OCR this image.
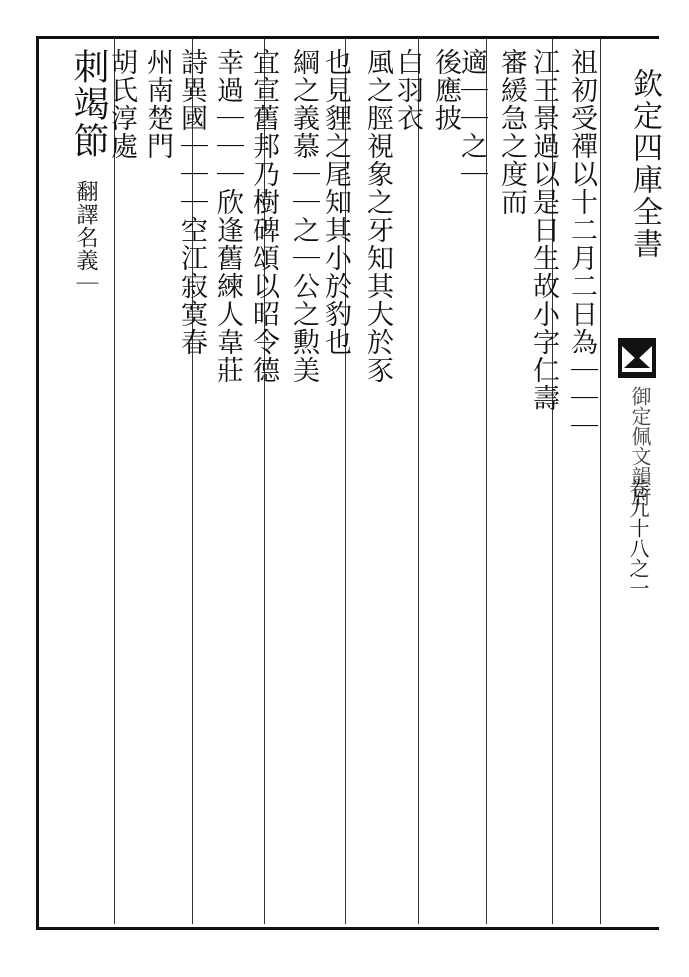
欽定四庫全書
御定佩文韻府
卷九十八之一
祖初受禪以十二月二日為｜｜｜
江王景過以是日生故小字仁壽
審緩急之度而
適｜｜之｜
後應披
白羽衣
風之脛視象之牙知其大於豕
也見貍之尾知其小於豹也
綱之義慕｜｜之｜公之勲美
宜宣舊邦乃樹碑頌以昭令德
幸過｜｜｜欣逢舊練人韋莊
詩異國｜｜｜空江寂寞春
州南楚門
胡氏淳處
刺竭節
翻譯名義｜
